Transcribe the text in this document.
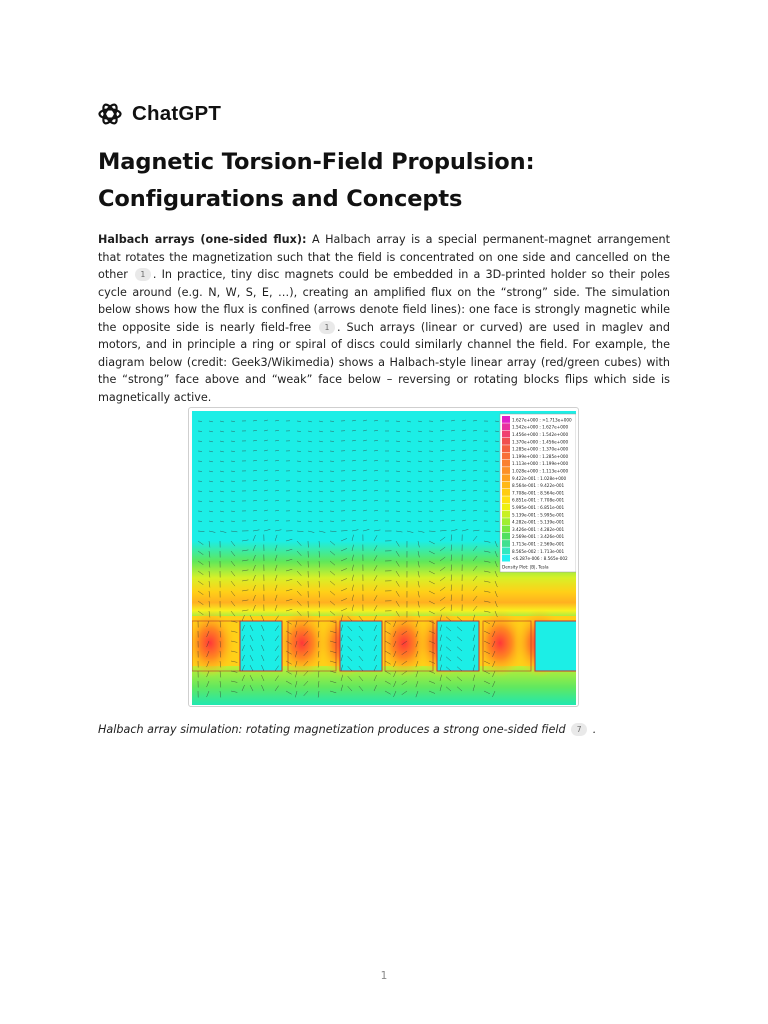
ChatGPT
Magnetic Torsion-Field Propulsion: Configurations and Concepts

Halbach arrays (one-sided flux): A Halbach array is a special permanent-magnet arrangement that rotates the magnetization such that the field is concentrated on one side and cancelled on the other 1 . In practice, tiny disc magnets could be embedded in a 3D-printed holder so their poles cycle around (e.g. N, W, S, E, …), creating an amplified flux on the “strong” side. The simulation below shows how the flux is confined (arrows denote field lines): one face is strongly magnetic while the opposite side is nearly field-free 1 . Such arrays (linear or curved) are used in maglev and motors, and in principle a ring or spiral of discs could similarly channel the field. For example, the diagram below (credit: Geek3/Wikimedia) shows a Halbach-style linear array (red/green cubes) with the “strong” face above and “weak” face below – reversing or rotating blocks flips which side is magnetically active.

1.627e+000 : >1.713e+000
1.542e+000 : 1.627e+000
1.456e+000 : 1.542e+000
1.370e+000 : 1.456e+000
1.285e+000 : 1.370e+000
1.199e+000 : 1.285e+000
1.113e+000 : 1.199e+000
1.028e+000 : 1.113e+000
9.422e-001 : 1.028e+000
8.564e-001 : 9.422e-001
7.708e-001 : 8.564e-001
6.851e-001 : 7.708e-001
5.995e-001 : 6.851e-001
5.139e-001 : 5.995e-001
4.282e-001 : 5.139e-001
3.426e-001 : 4.282e-001
2.569e-001 : 3.426e-001
1.713e-001 : 2.569e-001
8.565e-002 : 1.713e-001
<6.287e-006 : 8.565e-002
Density Plot: |B|, Tesla

Halbach array simulation: rotating magnetization produces a strong one-sided field 7 .

1
